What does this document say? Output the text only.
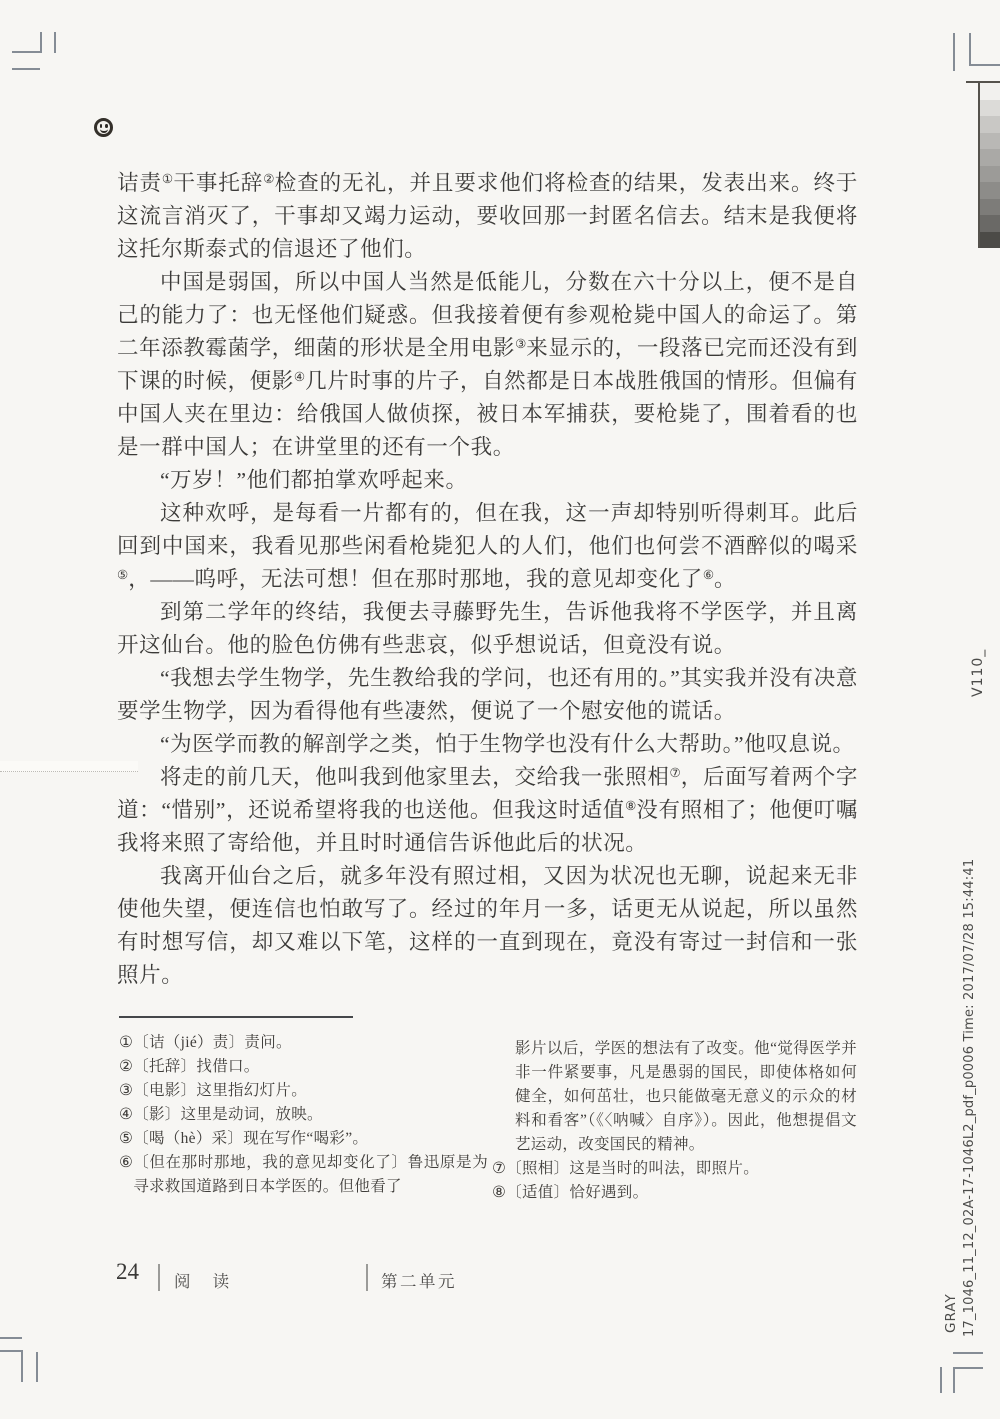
诘责①干事托辞②检查的无礼，并且要求他们将检查的结果，发表出来。终于这流言消灭了，干事却又竭力运动，要收回那一封匿名信去。结末是我便将这托尔斯泰式的信退还了他们。

中国是弱国，所以中国人当然是低能儿，分数在六十分以上，便不是自己的能力了：也无怪他们疑惑。但我接着便有参观枪毙中国人的命运了。第二年添教霉菌学，细菌的形状是全用电影③来显示的，一段落已完而还没有到下课的时候，便影④几片时事的片子，自然都是日本战胜俄国的情形。但偏有中国人夹在里边：给俄国人做侦探，被日本军捕获，要枪毙了，围着看的也是一群中国人；在讲堂里的还有一个我。

“万岁！”他们都拍掌欢呼起来。

这种欢呼，是每看一片都有的，但在我，这一声却特别听得刺耳。此后回到中国来，我看见那些闲看枪毙犯人的人们，他们也何尝不酒醉似的喝采⑤，——呜呼，无法可想！但在那时那地，我的意见却变化了⑥。

到第二学年的终结，我便去寻藤野先生，告诉他我将不学医学，并且离开这仙台。他的脸色仿佛有些悲哀，似乎想说话，但竟没有说。

“我想去学生物学，先生教给我的学问，也还有用的。”其实我并没有决意要学生物学，因为看得他有些凄然，便说了一个慰安他的谎话。

“为医学而教的解剖学之类，怕于生物学也没有什么大帮助。”他叹息说。

将走的前几天，他叫我到他家里去，交给我一张照相⑦，后面写着两个字道：“惜别”，还说希望将我的也送他。但我这时适值⑧没有照相了；他便叮嘱我将来照了寄给他，并且时时通信告诉他此后的状况。

我离开仙台之后，就多年没有照过相，又因为状况也无聊，说起来无非使他失望，便连信也怕敢写了。经过的年月一多，话更无从说起，所以虽然有时想写信，却又难以下笔，这样的一直到现在，竟没有寄过一封信和一张照片。

① 〔诘（jié）责〕责问。
② 〔托辞〕找借口。
③ 〔电影〕这里指幻灯片。
④ 〔影〕这里是动词，放映。
⑤ 〔喝（hè）采〕现在写作“喝彩”。
⑥ 〔但在那时那地，我的意见却变化了〕鲁迅原是为寻求救国道路到日本学医的。但他看了

影片以后，学医的想法有了改变。他“觉得医学并非一件紧要事，凡是愚弱的国民，即使体格如何健全，如何茁壮，也只能做毫无意义的示众的材料和看客”（《〈呐喊〉自序》）。因此，他想提倡文艺运动，改变国民的精神。

⑦ 〔照相〕这是当时的叫法，即照片。
⑧ 〔适值〕恰好遇到。
24 阅 读	第二单元
V110_
17_1046_11_12_02A-17-1046L2_pdf_p0006 Time: 2017/07/28 15:44:41
GRAY
